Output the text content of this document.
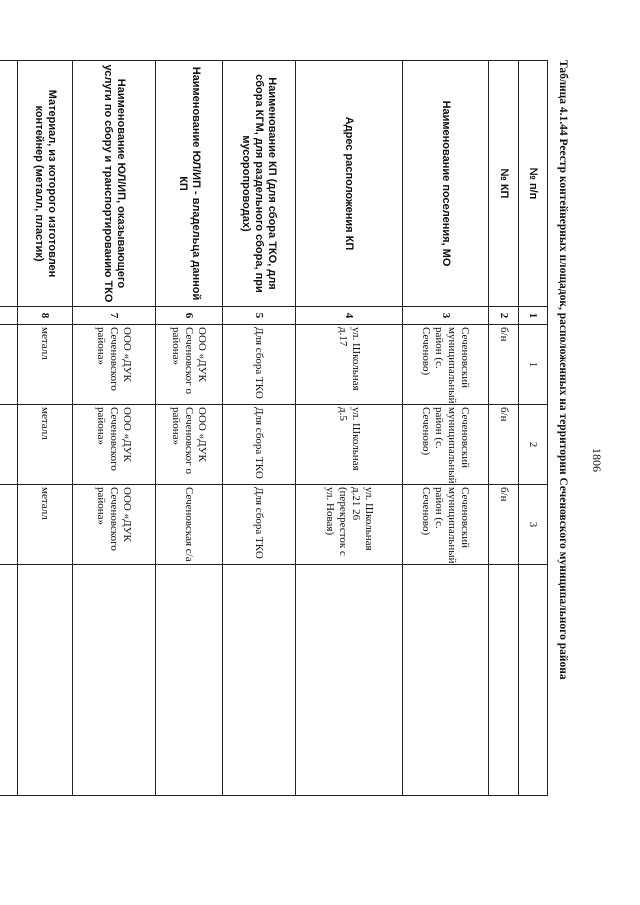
1806
Таблица 4.1.44 Реестр контейнерных площадок, расположенных на территории Сеченовского муниципального района
№ п/п	1	1	2	3	
№ КП	2	б/н	б/н	б/н	
Наименование поселения, МО	3	Сеченовский муниципальный район (с. Сеченово)	Сеченовский муниципальный район (с. Сеченово)	Сеченовский муниципальный район (с. Сеченово)	
Адрес расположения КП	4	ул. Школьная д.17	ул. Школьная д.5	ул. Школьная д.21 26 (перекресток с ул. Новая)	
Наименование КП (для сбора ТКО, для сбора КГМ, для раздельного сбора, при мусоропроводах)	5	Для сбора ТКО	Для сбора ТКО	Для сбора ТКО	
Наименование ЮЛ/ИП - владельца данной КП	6	ООО «ДУК Сеченовског о района»	ООО «ДУК Сеченовског о района»	Сеченовская с/а	
Наименование ЮЛ/ИП, оказывающего услуги по сбору и транспортированию ТКО	7	ООО «ДУК Сеченовского района»	ООО «ДУК Сеченовского района»	ООО «ДУК Сеченовского района»	
Материал, из которого изготовлен контейнер (металл, пластик)	8	металл	металл	металл	
